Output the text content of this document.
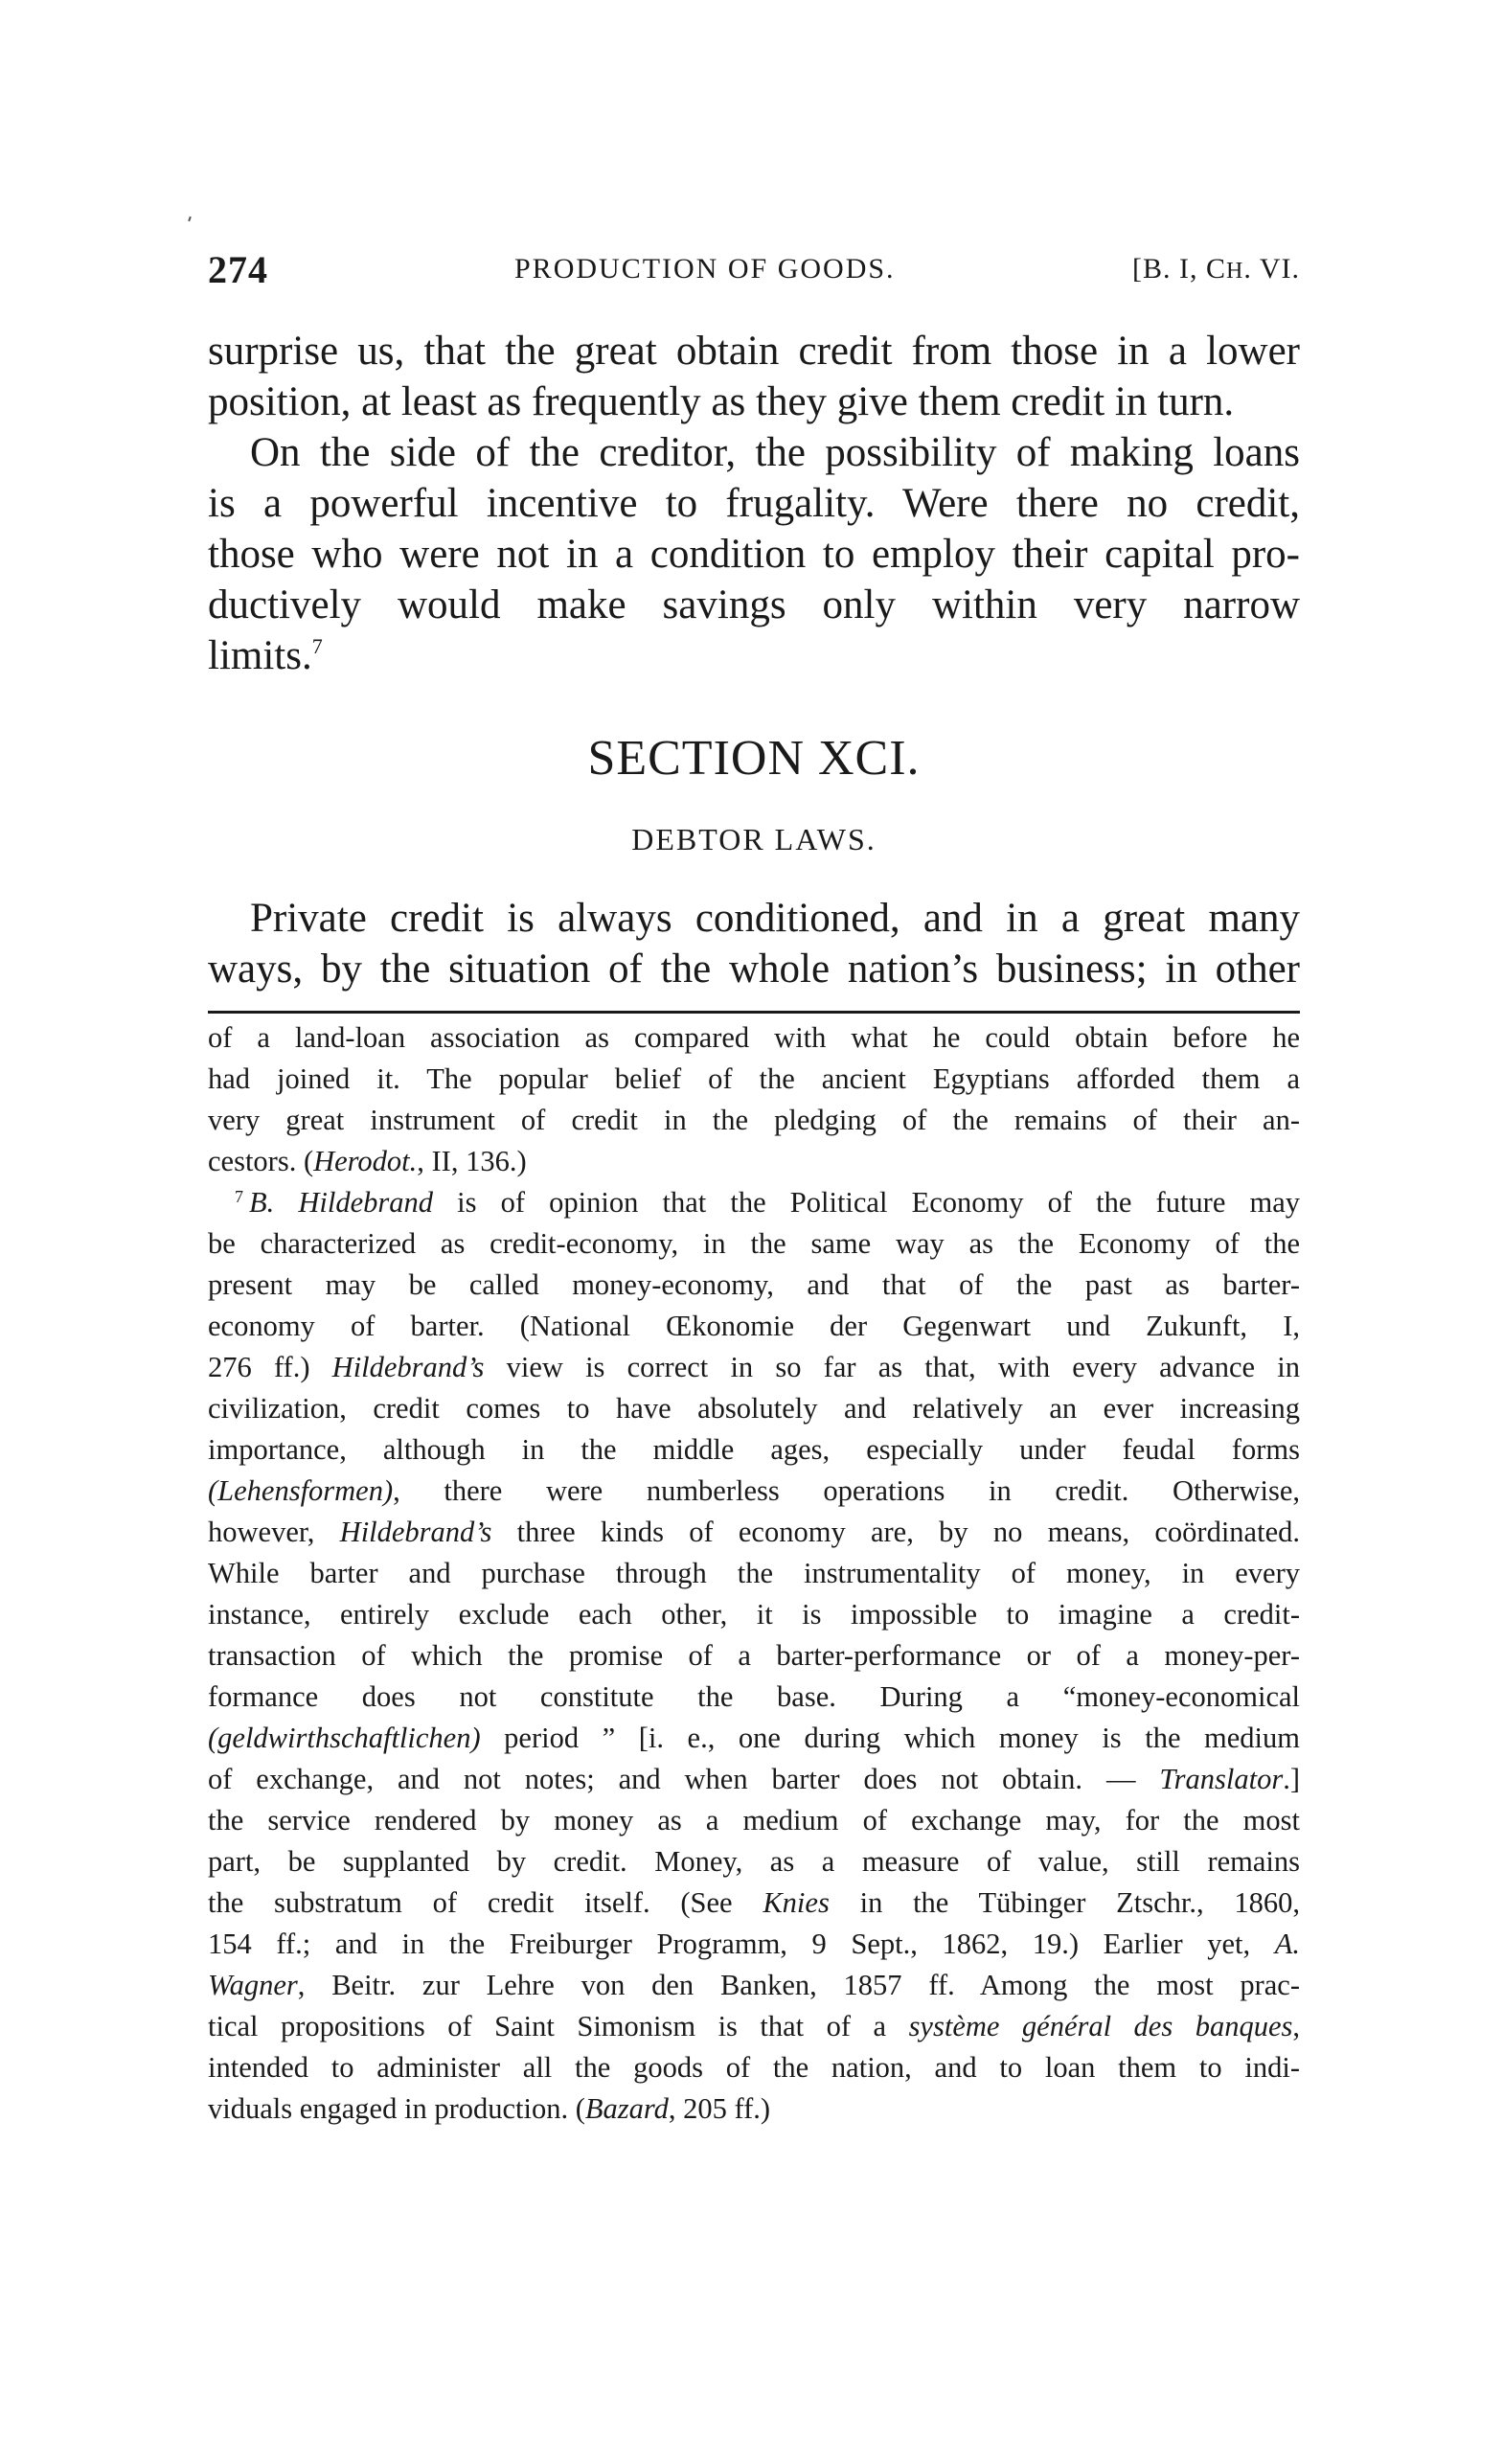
274	PRODUCTION OF GOODS.	[B. I, CH. VI.
surprise us, that the great obtain credit from those in a lower
position, at least as frequently as they give them credit in turn.
On the side of the creditor, the possibility of making loans
is a powerful incentive to frugality. Were there no credit,
those who were not in a condition to employ their capital pro-
ductively would make savings only within very narrow
limits.$^7$
SECTION XCI.
DEBTOR LAWS.
Private credit is always conditioned, and in a great many
ways, by the situation of the whole nation’s business; in other
of a land-loan association as compared with what he could obtain before he
had joined it. The popular belief of the ancient Egyptians afforded them a
very great instrument of credit in the pledging of the remains of their an-
cestors. (Herodot., II, 136.)
$^7$ B. Hildebrand is of opinion that the Political Economy of the future may
be characterized as credit-economy, in the same way as the Economy of the
present may be called money-economy, and that of the past as barter-
economy of barter. (National Œkonomie der Gegenwart und Zukunft, I,
276 ff.) Hildebrand’s view is correct in so far as that, with every advance in
civilization, credit comes to have absolutely and relatively an ever increasing
importance, although in the middle ages, especially under feudal forms
(Lehensformen), there were numberless operations in credit. Otherwise,
however, Hildebrand’s three kinds of economy are, by no means, coördinated.
While barter and purchase through the instrumentality of money, in every
instance, entirely exclude each other, it is impossible to imagine a credit-
transaction of which the promise of a barter-performance or of a money-per-
formance does not constitute the base. During a “money-economical
(geldwirthschaftlichen) period ” [i. e., one during which money is the medium
of exchange, and not notes; and when barter does not obtain. — Translator.]
the service rendered by money as a medium of exchange may, for the most
part, be supplanted by credit. Money, as a measure of value, still remains
the substratum of credit itself. (See Knies in the Tübinger Ztschr., 1860,
154 ff.; and in the Freiburger Programm, 9 Sept., 1862, 19.) Earlier yet, A.
Wagner, Beitr. zur Lehre von den Banken, 1857 ff. Among the most prac-
tical propositions of Saint Simonism is that of a système général des banques,
intended to administer all the goods of the nation, and to loan them to indi-
viduals engaged in production. (Bazard, 205 ff.)
